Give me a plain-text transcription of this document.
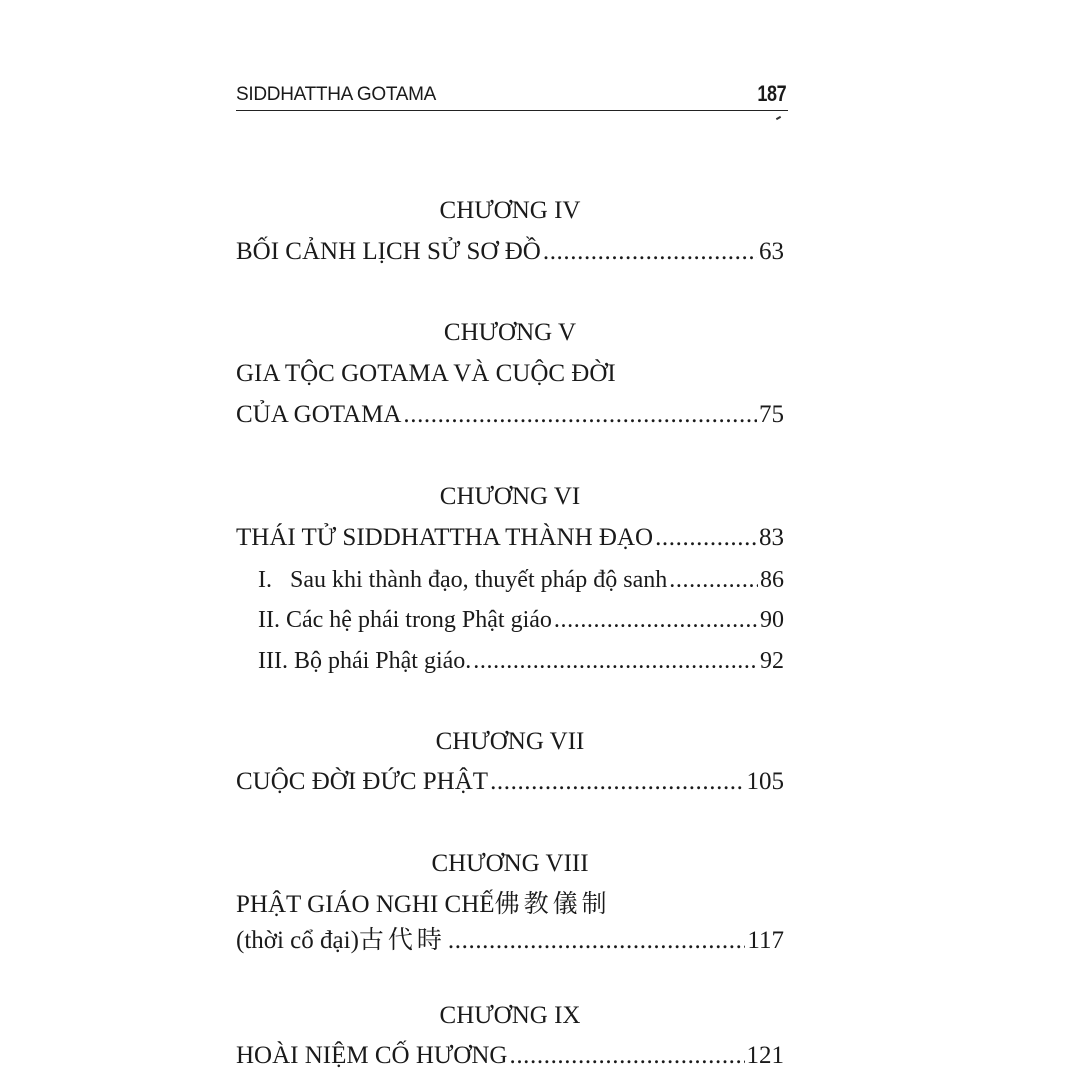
SIDDHATTHA GOTAMA	187
CHƯƠNG IV
BỐI CẢNH LỊCH SỬ SƠ ĐỒ .....	63
CHƯƠNG V
GIA TỘC GOTAMA VÀ CUỘC ĐỜI
CỦA GOTAMA .....	75
CHƯƠNG VI
THÁI TỬ SIDDHATTHA THÀNH ĐẠO .....	83
I.   Sau khi thành đạo, thuyết pháp độ sanh .....	86
II. Các hệ phái trong Phật giáo .....	90
III. Bộ phái Phật giáo. .....	92
CHƯƠNG VII
CUỘC ĐỜI ĐỨC PHẬT .....	105
CHƯƠNG VIII
PHẬT GIÁO NGHI CHẾ佛教儀制
(thời cổ đại)古代時 .....	117
CHƯƠNG IX
HOÀI NIỆM CỐ HƯƠNG .....	121
